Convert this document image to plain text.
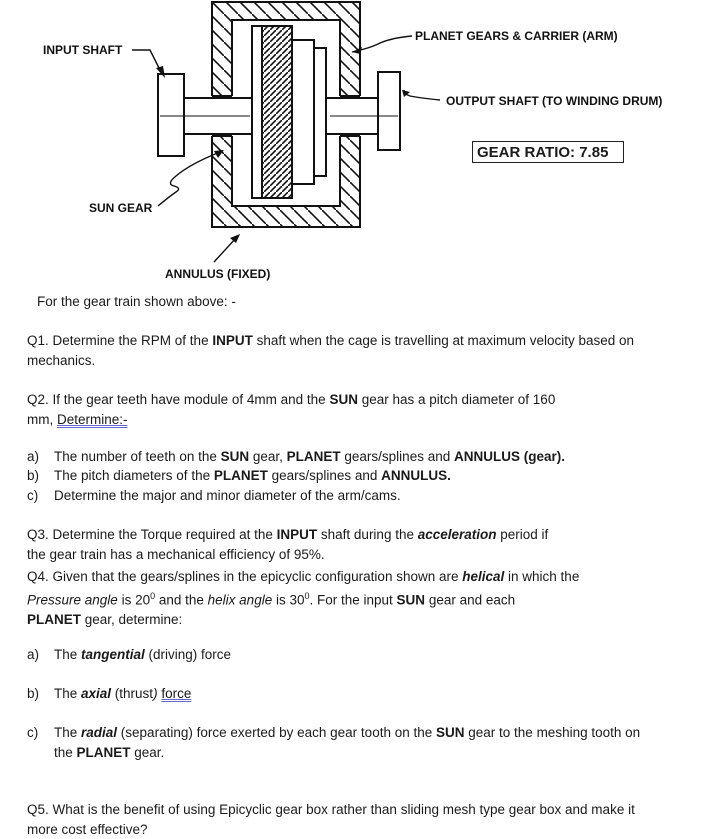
INPUT SHAFT
PLANET GEARS & CARRIER (ARM)
OUTPUT SHAFT (TO WINDING DRUM)
SUN GEAR
ANNULUS (FIXED)
GEAR RATIO: 7.85
For the gear train shown above: -
Q1. Determine the RPM of the INPUT shaft when the cage is travelling at maximum velocity based on mechanics.
Q2. If the gear teeth have module of 4mm and the SUN gear has a pitch diameter of 160
mm, Determine:-
a) The number of teeth on the SUN gear, PLANET gears/splines and ANNULUS (gear).
b) The pitch diameters of the PLANET gears/splines and ANNULUS.
c) Determine the major and minor diameter of the arm/cams.
Q3. Determine the Torque required at the INPUT shaft during the acceleration period if
the gear train has a mechanical efficiency of 95%.
Q4. Given that the gears/splines in the epicyclic configuration shown are helical in which the
Pressure angle is $20^0$ and the helix angle is $30^0$. For the input SUN gear and each
PLANET gear, determine:
a) The tangential (driving) force
b) The axial (thrust) force
c) The radial (separating) force exerted by each gear tooth on the SUN gear to the meshing tooth on
the PLANET gear.
Q5. What is the benefit of using Epicyclic gear box rather than sliding mesh type gear box and make it
more cost effective?
